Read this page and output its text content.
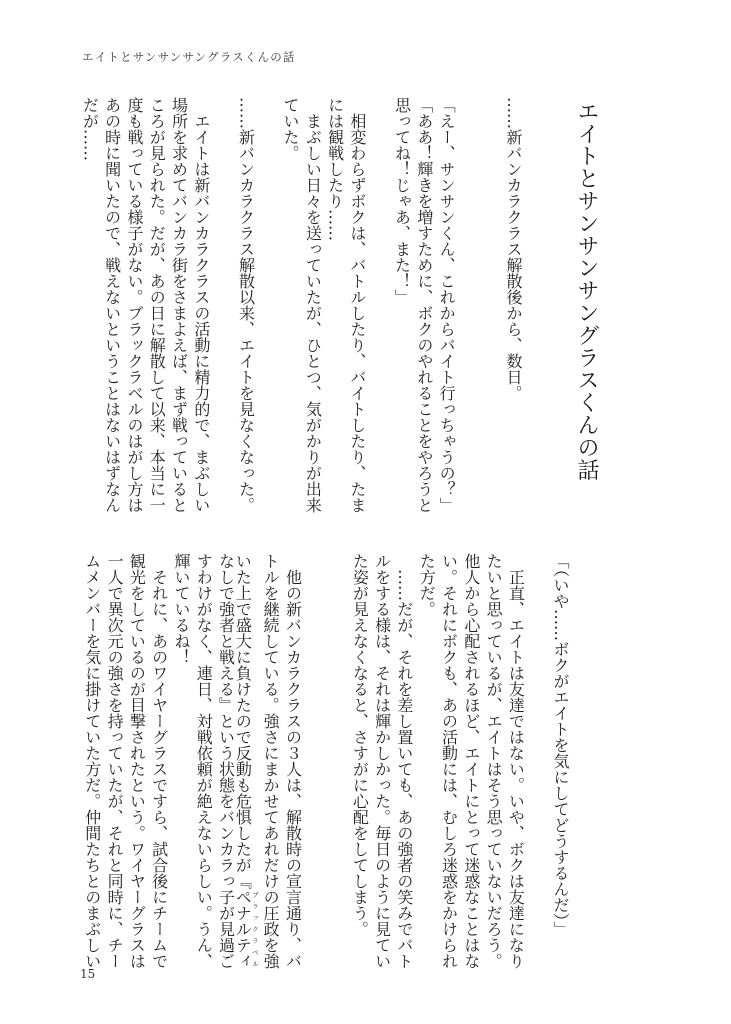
エイトとサンサンサングラスくんの話
エイトとサンサンサングラスくんの話
……新バンカラクラス解散後から、数日。
「えー、サンサンくん、これからバイト行っちゃうの？」
「ああ！輝きを増すために、ボクのやれることをやろうと
思ってね！じゃあ、また！」
　相変わらずボクは、バトルしたり、バイトしたり、たま
には観戦したり……
　まぶしい日々を送っていたが、ひとつ、気がかりが出来
ていた。
……新バンカラクラス解散以来、エイトを見なくなった。
　エイトは新バンカラクラスの活動に精力的で、まぶしい
場所を求めてバンカラ街をさまよえば、まず戦っていると
ころが見られた。だが、あの日に解散して以来、本当に一
度も戦っている様子がない。ブラックラベルのはがし方は
あの時に聞いたので、戦えないということはないはずなん
だが……
「（いや……ボクがエイトを気にしてどうするんだ）」
　正直、エイトは友達ではない。いや、ボクは友達になり
たいと思っているが、エイトはそう思っていないだろう。
他人から心配されるほど、エイトにとって迷惑なことはな
い。それにボクも、あの活動には、むしろ迷惑をかけられ
た方だ。
　……だが、それを差し置いても、あの強者の笑みでバト
ルをする様は、それは輝かしかった。毎日のように見てい
た姿が見えなくなると、さすがに心配をしてしまう。
　他の新バンカラクラスの３人は、解散時の宣言通り、バ
トルを継続している。強さにまかせてあれだけの圧政を強
いた上で盛大に負けたので反動も危惧したが『ペナルティブラックラベル
なしで強者と戦える』という状態をバンカラっ子が見過ご
すわけがなく、連日、対戦依頼が絶えないらしい。うん、
輝いているね！
　それに、あのワイヤーグラスですら、試合後にチームで
観光をしているのが目撃されたという。ワイヤーグラスは
一人で異次元の強さを持っていたが、それと同時に、チー
ムメンバーを気に掛けていた方だ。仲間たちとのまぶしい
15
